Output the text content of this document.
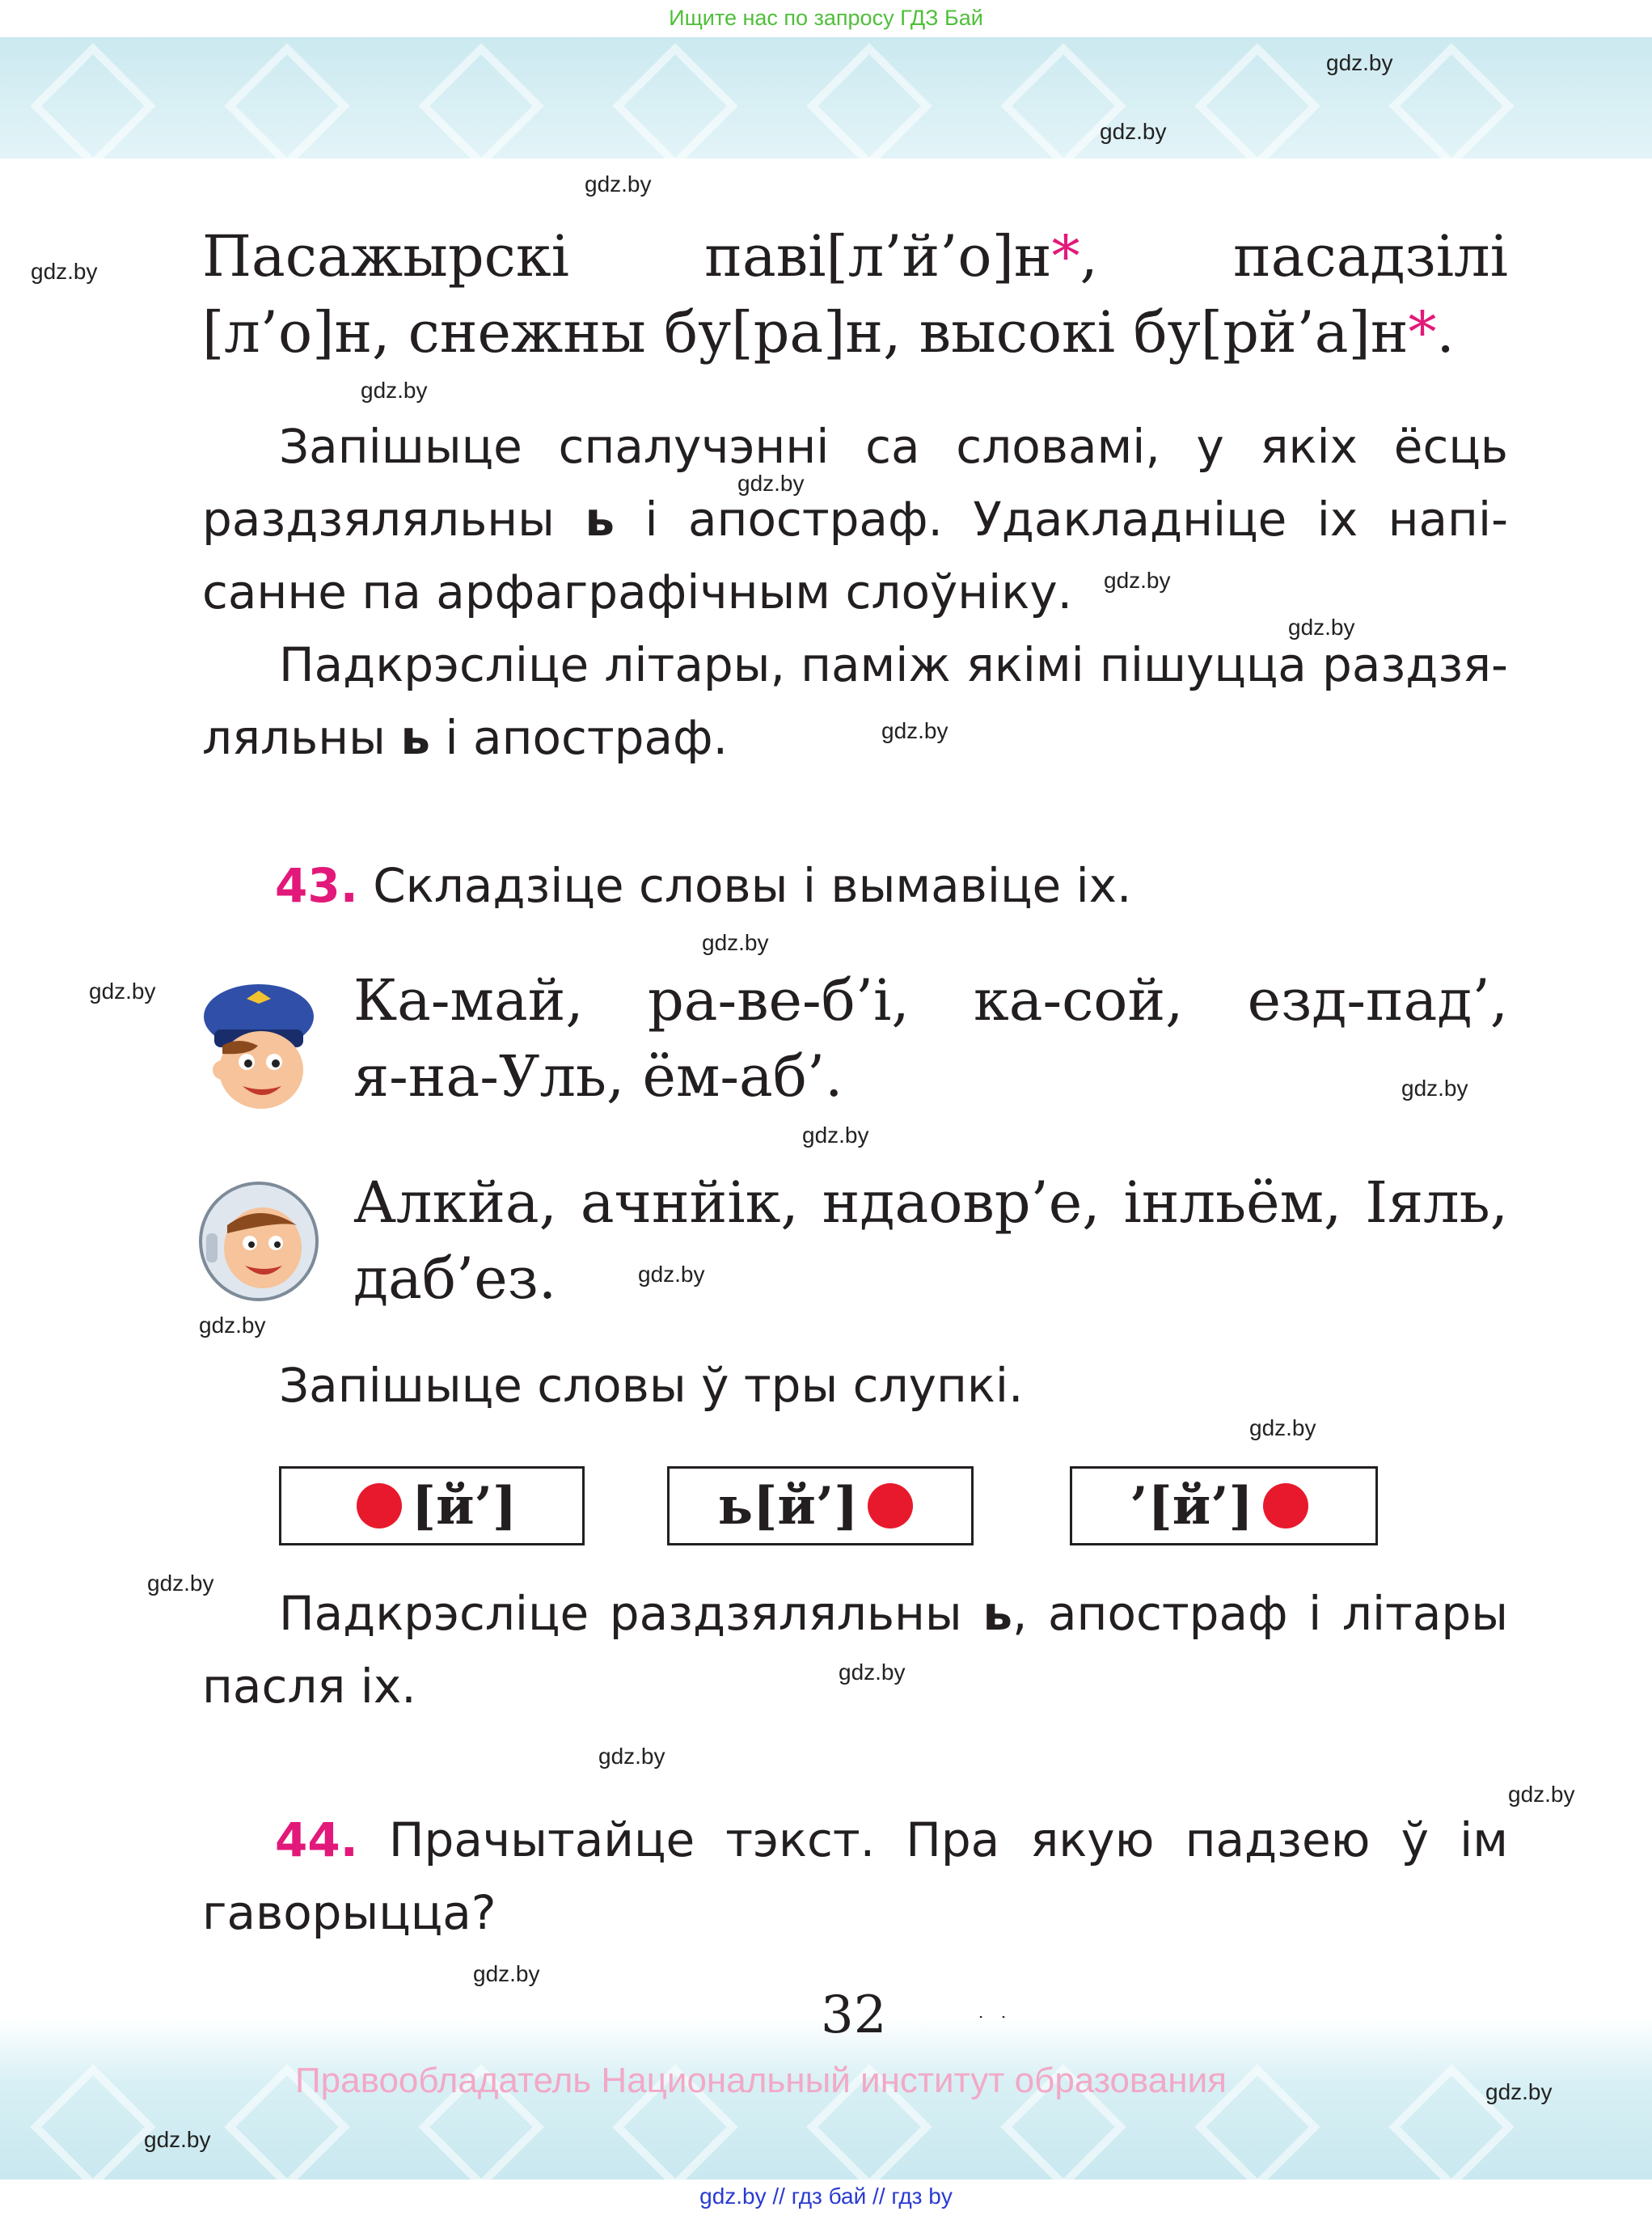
Ищите нас по запросу ГДЗ Бай
gdz.by
gdz.by
gdz.by
gdz.by
gdz.by
gdz.by
gdz.by
gdz.by
gdz.by
gdz.by
gdz.by
gdz.by
gdz.by
gdz.by
gdz.by
gdz.by
gdz.by
gdz.by
gdz.by
gdz.by
gdz.by
Пасажырскі паві[л’й’о]н*, пасадзілі
[л’о]н, снежны бу[ра]н, высокі бу[рй’а]н*.
Запішыце спалучэнні са словамі, у якіх ёсць
раздзяляльны ь і апостраф. Удакладніце іх напі-
санне па арфаграфічным слоўніку.
Падкрэсліце літары, паміж якімі пішуцца раздзя-
ляльны ь і апостраф.
43. Складзіце словы і вымавіце іх.
Ка-май, ра-ве-б’і, ка-сой, езд-пад’,
я-на-Уль, ём-аб’.
Алкйа, ачнйік, ндаовр’е, інльём, Іяль,
даб’ез.
Запішыце словы ў тры слупкі.
[й’]	ь [й’]	’ [й’]
Падкрэсліце раздзяляльны ь, апостраф і літары
пасля іх.
44. Прачытайце тэкст. Пра якую падзею ў ім
гаворыцца?
32
Правообладатель Национальный институт образования	gdz.by
gdz.by
gdz.by // гдз бай // гдз by
